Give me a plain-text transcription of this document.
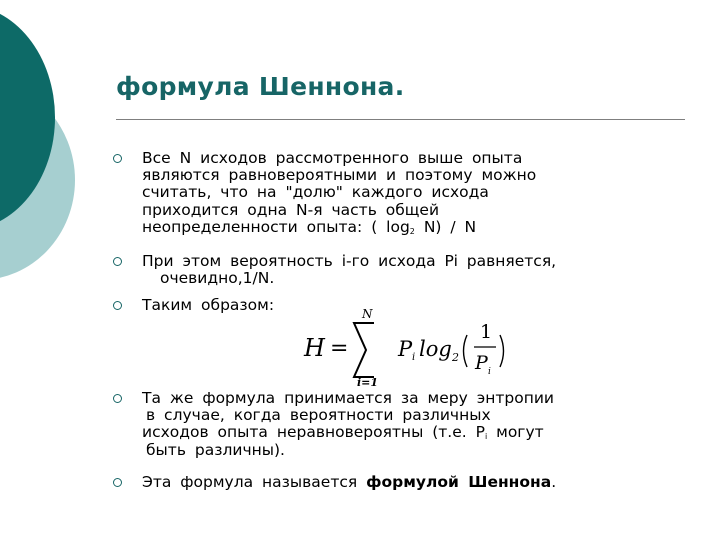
формула Шеннона.
Все N исходов рассмотренного выше опыта
являются равновероятными и поэтому можно
считать, что на "долю" каждого исхода
приходится одна N-я часть общей
неопределенности опыта: ( $\log_2 N$) / N
При этом вероятность i-го исхода Pi равняется,
очевидно,1/N.
Таким образом:
H =
N
i=1
P i log 2
1
P i
Та же формула принимается за меру энтропии
в случае, когда вероятности различных
исходов опыта неравновероятны (т.е. $P_i$ могут
быть различны).
Эта формула называется формулой Шеннона.
